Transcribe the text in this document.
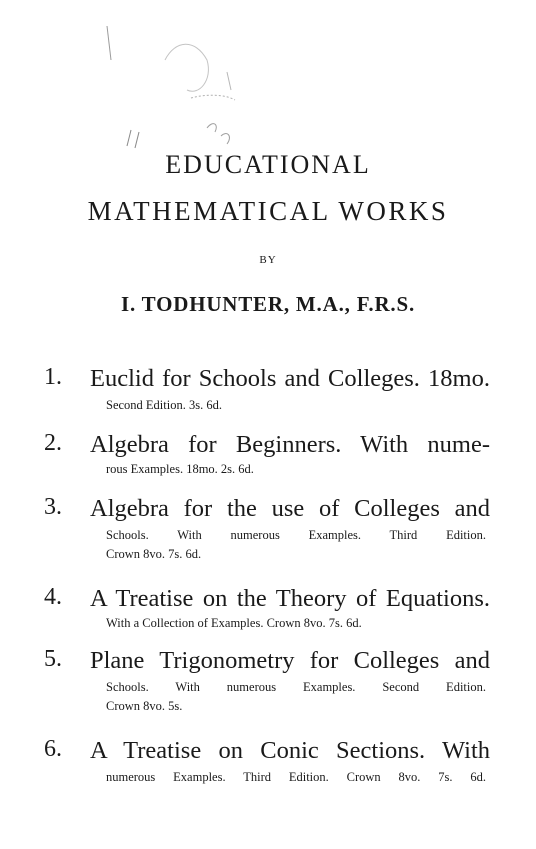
EDUCATIONAL
MATHEMATICAL WORKS
BY
I. TODHUNTER, M.A., F.R.S.
1. Euclid for Schools and Colleges. 18mo.
Second Edition. 3s. 6d.
2. Algebra for Beginners. With nume-
rous Examples. 18mo. 2s. 6d.
3. Algebra for the use of Colleges and
Schools. With numerous Examples. Third Edition.
Crown 8vo. 7s. 6d.
4. A Treatise on the Theory of Equations.
With a Collection of Examples. Crown 8vo. 7s. 6d.
5. Plane Trigonometry for Colleges and
Schools. With numerous Examples. Second Edition.
Crown 8vo. 5s.
6. A Treatise on Conic Sections. With
numerous Examples. Third Edition. Crown 8vo. 7s. 6d.
